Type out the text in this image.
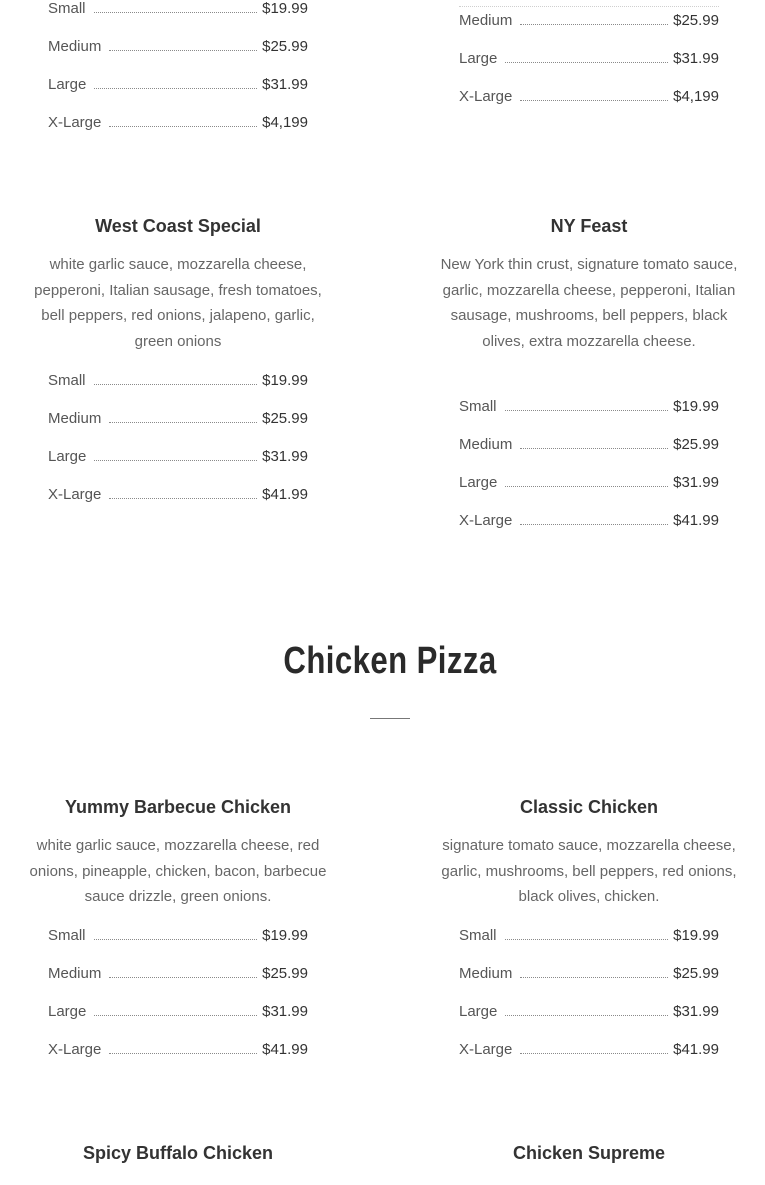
Small	$19.99
Medium	$25.99
Large	$31.99
X-Large	$4,199
Medium	$25.99
Large	$31.99
X-Large	$4,199
West Coast Special
white garlic sauce, mozzarella cheese, pepperoni, Italian sausage, fresh tomatoes, bell peppers, red onions, jalapeno, garlic, green onions
Small	$19.99
Medium	$25.99
Large	$31.99
X-Large	$41.99
NY Feast
New York thin crust, signature tomato sauce, garlic, mozzarella cheese, pepperoni, Italian sausage, mushrooms, bell peppers, black olives, extra mozzarella cheese.
Small	$19.99
Medium	$25.99
Large	$31.99
X-Large	$41.99
Chicken Pizza
Yummy Barbecue Chicken
white garlic sauce, mozzarella cheese, red onions, pineapple, chicken, bacon, barbecue sauce drizzle, green onions.
Small	$19.99
Medium	$25.99
Large	$31.99
X-Large	$41.99
Classic Chicken
signature tomato sauce, mozzarella cheese, garlic, mushrooms, bell peppers, red onions, black olives, chicken.
Small	$19.99
Medium	$25.99
Large	$31.99
X-Large	$41.99
Spicy Buffalo Chicken	Chicken Supreme
